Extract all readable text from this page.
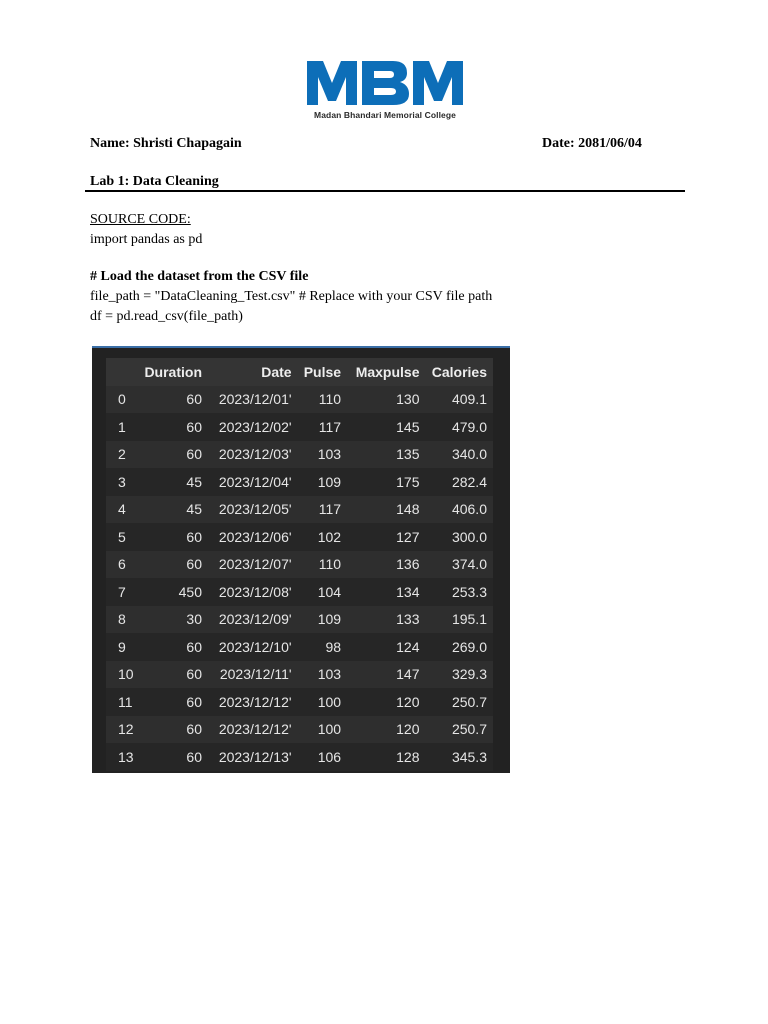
Madan Bhandari Memorial College
Name: Shristi Chapagain	Date: 2081/06/04
Lab 1: Data Cleaning
SOURCE CODE:
import pandas as pd
# Load the dataset from the CSV file
file_path = "DataCleaning_Test.csv" # Replace with your CSV file path
df = pd.read_csv(file_path)
	Duration	Date	Pulse	Maxpulse	Calories
0	60	2023/12/01'	110	130	409.1
1	60	2023/12/02'	117	145	479.0
2	60	2023/12/03'	103	135	340.0
3	45	2023/12/04'	109	175	282.4
4	45	2023/12/05'	117	148	406.0
5	60	2023/12/06'	102	127	300.0
6	60	2023/12/07'	110	136	374.0
7	450	2023/12/08'	104	134	253.3
8	30	2023/12/09'	109	133	195.1
9	60	2023/12/10'	98	124	269.0
10	60	2023/12/11'	103	147	329.3
11	60	2023/12/12'	100	120	250.7
12	60	2023/12/12'	100	120	250.7
13	60	2023/12/13'	106	128	345.3
